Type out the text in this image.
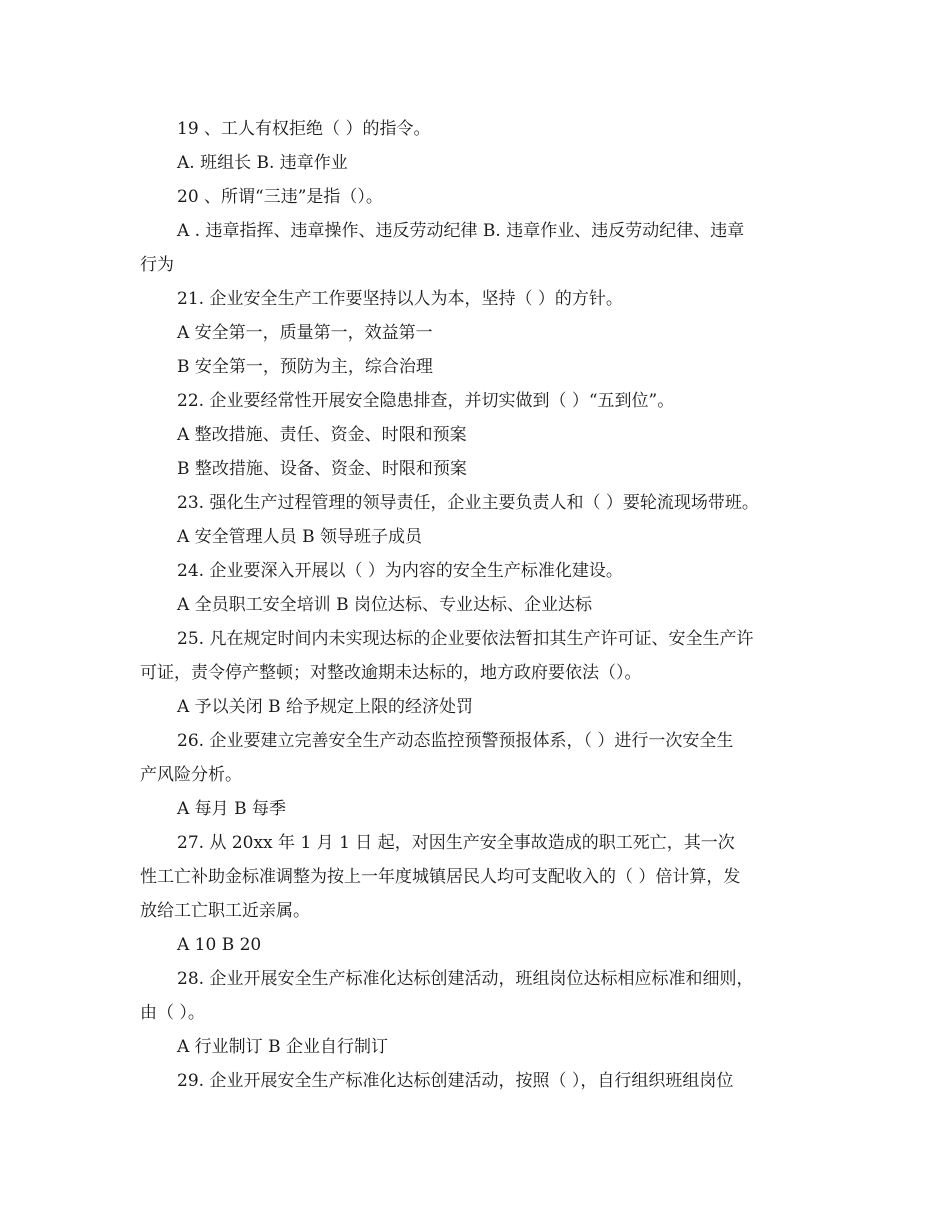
19 、工人有权拒绝（ ）的指令。
A. 班组长 B. 违章作业
20 、所谓“三违”是指（）。
A . 违章指挥、违章操作、违反劳动纪律 B. 违章作业、违反劳动纪律、违章
行为
21. 企业安全生产工作要坚持以人为本，坚持（ ）的方针。
A 安全第一，质量第一，效益第一
B 安全第一，预防为主，综合治理
22. 企业要经常性开展安全隐患排查，并切实做到（ ）“五到位”。
A 整改措施、责任、资金、时限和预案
B 整改措施、设备、资金、时限和预案
23. 强化生产过程管理的领导责任，企业主要负责人和（ ）要轮流现场带班。
A 安全管理人员 B 领导班子成员
24. 企业要深入开展以（ ）为内容的安全生产标准化建设。
A 全员职工安全培训 B 岗位达标、专业达标、企业达标
25. 凡在规定时间内未实现达标的企业要依法暂扣其生产许可证、安全生产许
可证，责令停产整顿；对整改逾期未达标的，地方政府要依法（）。
A 予以关闭 B 给予规定上限的经济处罚
26. 企业要建立完善安全生产动态监控预警预报体系，（ ）进行一次安全生
产风险分析。
A 每月 B 每季
27. 从 20xx 年 1 月 1 日 起，对因生产安全事故造成的职工死亡，其一次
性工亡补助金标准调整为按上一年度城镇居民人均可支配收入的（ ）倍计算，发
放给工亡职工近亲属。
A 10 B 20
28. 企业开展安全生产标准化达标创建活动，班组岗位达标相应标准和细则，
由（ ）。
A 行业制订 B 企业自行制订
29. 企业开展安全生产标准化达标创建活动，按照（ ），自行组织班组岗位
